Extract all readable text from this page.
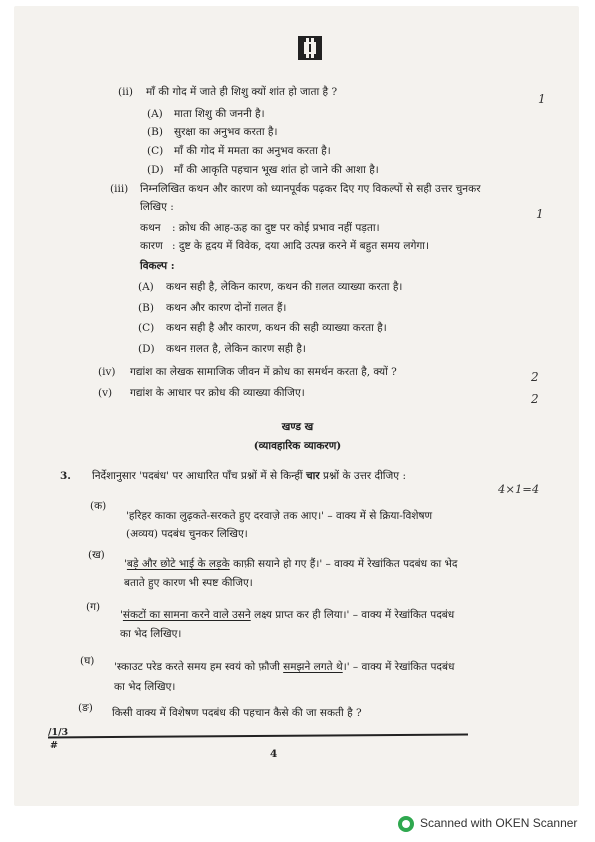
(ii) माँ की गोद में जाते ही शिशु क्यों शांत हो जाता है ?	1
(A) माता शिशु की जननी है।
(B) सुरक्षा का अनुभव करता है।
(C) माँ की गोद में ममता का अनुभव करता है।
(D) माँ की आकृति पहचान भूख शांत हो जाने की आशा है।
(iii) निम्नलिखित कथन और कारण को ध्यानपूर्वक पढ़कर दिए गए विकल्पों से सही उत्तर चुनकर
लिखिए :	1
कथन : क्रोध की आह-ऊह का दुष्ट पर कोई प्रभाव नहीं पड़ता।
कारण : दुष्ट के हृदय में विवेक, दया आदि उत्पन्न करने में बहुत समय लगेगा।
विकल्प :
(A) कथन सही है, लेकिन कारण, कथन की ग़लत व्याख्या करता है।
(B) कथन और कारण दोनों ग़लत हैं।
(C) कथन सही है और कारण, कथन की सही व्याख्या करता है।
(D) कथन ग़लत है, लेकिन कारण सही है।
(iv) गद्यांश का लेखक सामाजिक जीवन में क्रोध का समर्थन करता है, क्यों ?	2
(v) गद्यांश के आधार पर क्रोध की व्याख्या कीजिए।	2
खण्ड ख
(व्यावहारिक व्याकरण)
3. निर्देशानुसार 'पदबंध' पर आधारित पाँच प्रश्नों में से किन्हीं चार प्रश्नों के उत्तर दीजिए :
4×1=4
(क)
'हरिहर काका लुढ़कते-सरकते हुए दरवाज़े तक आए।' – वाक्य में से क्रिया-विशेषण
(अव्यय) पदबंध चुनकर लिखिए।
(ख)
'बड़े और छोटे भाई के लड़के काफ़ी सयाने हो गए हैं।' – वाक्य में रेखांकित पदबंध का भेद
बताते हुए कारण भी स्पष्ट कीजिए।
(ग)
'संकटों का सामना करने वाले उसने लक्ष्य प्राप्त कर ही लिया।' – वाक्य में रेखांकित पदबंध
का भेद लिखिए।
(घ) 'स्काउट परेड करते समय हम स्वयं को फ़ौजी समझने लगते थे।' – वाक्य में रेखांकित पदबंध
का भेद लिखिए।
(ङ) किसी वाक्य में विशेषण पदबंध की पहचान कैसे की जा सकती है ?
/1/3
#
4
Scanned with OKEN Scanner
